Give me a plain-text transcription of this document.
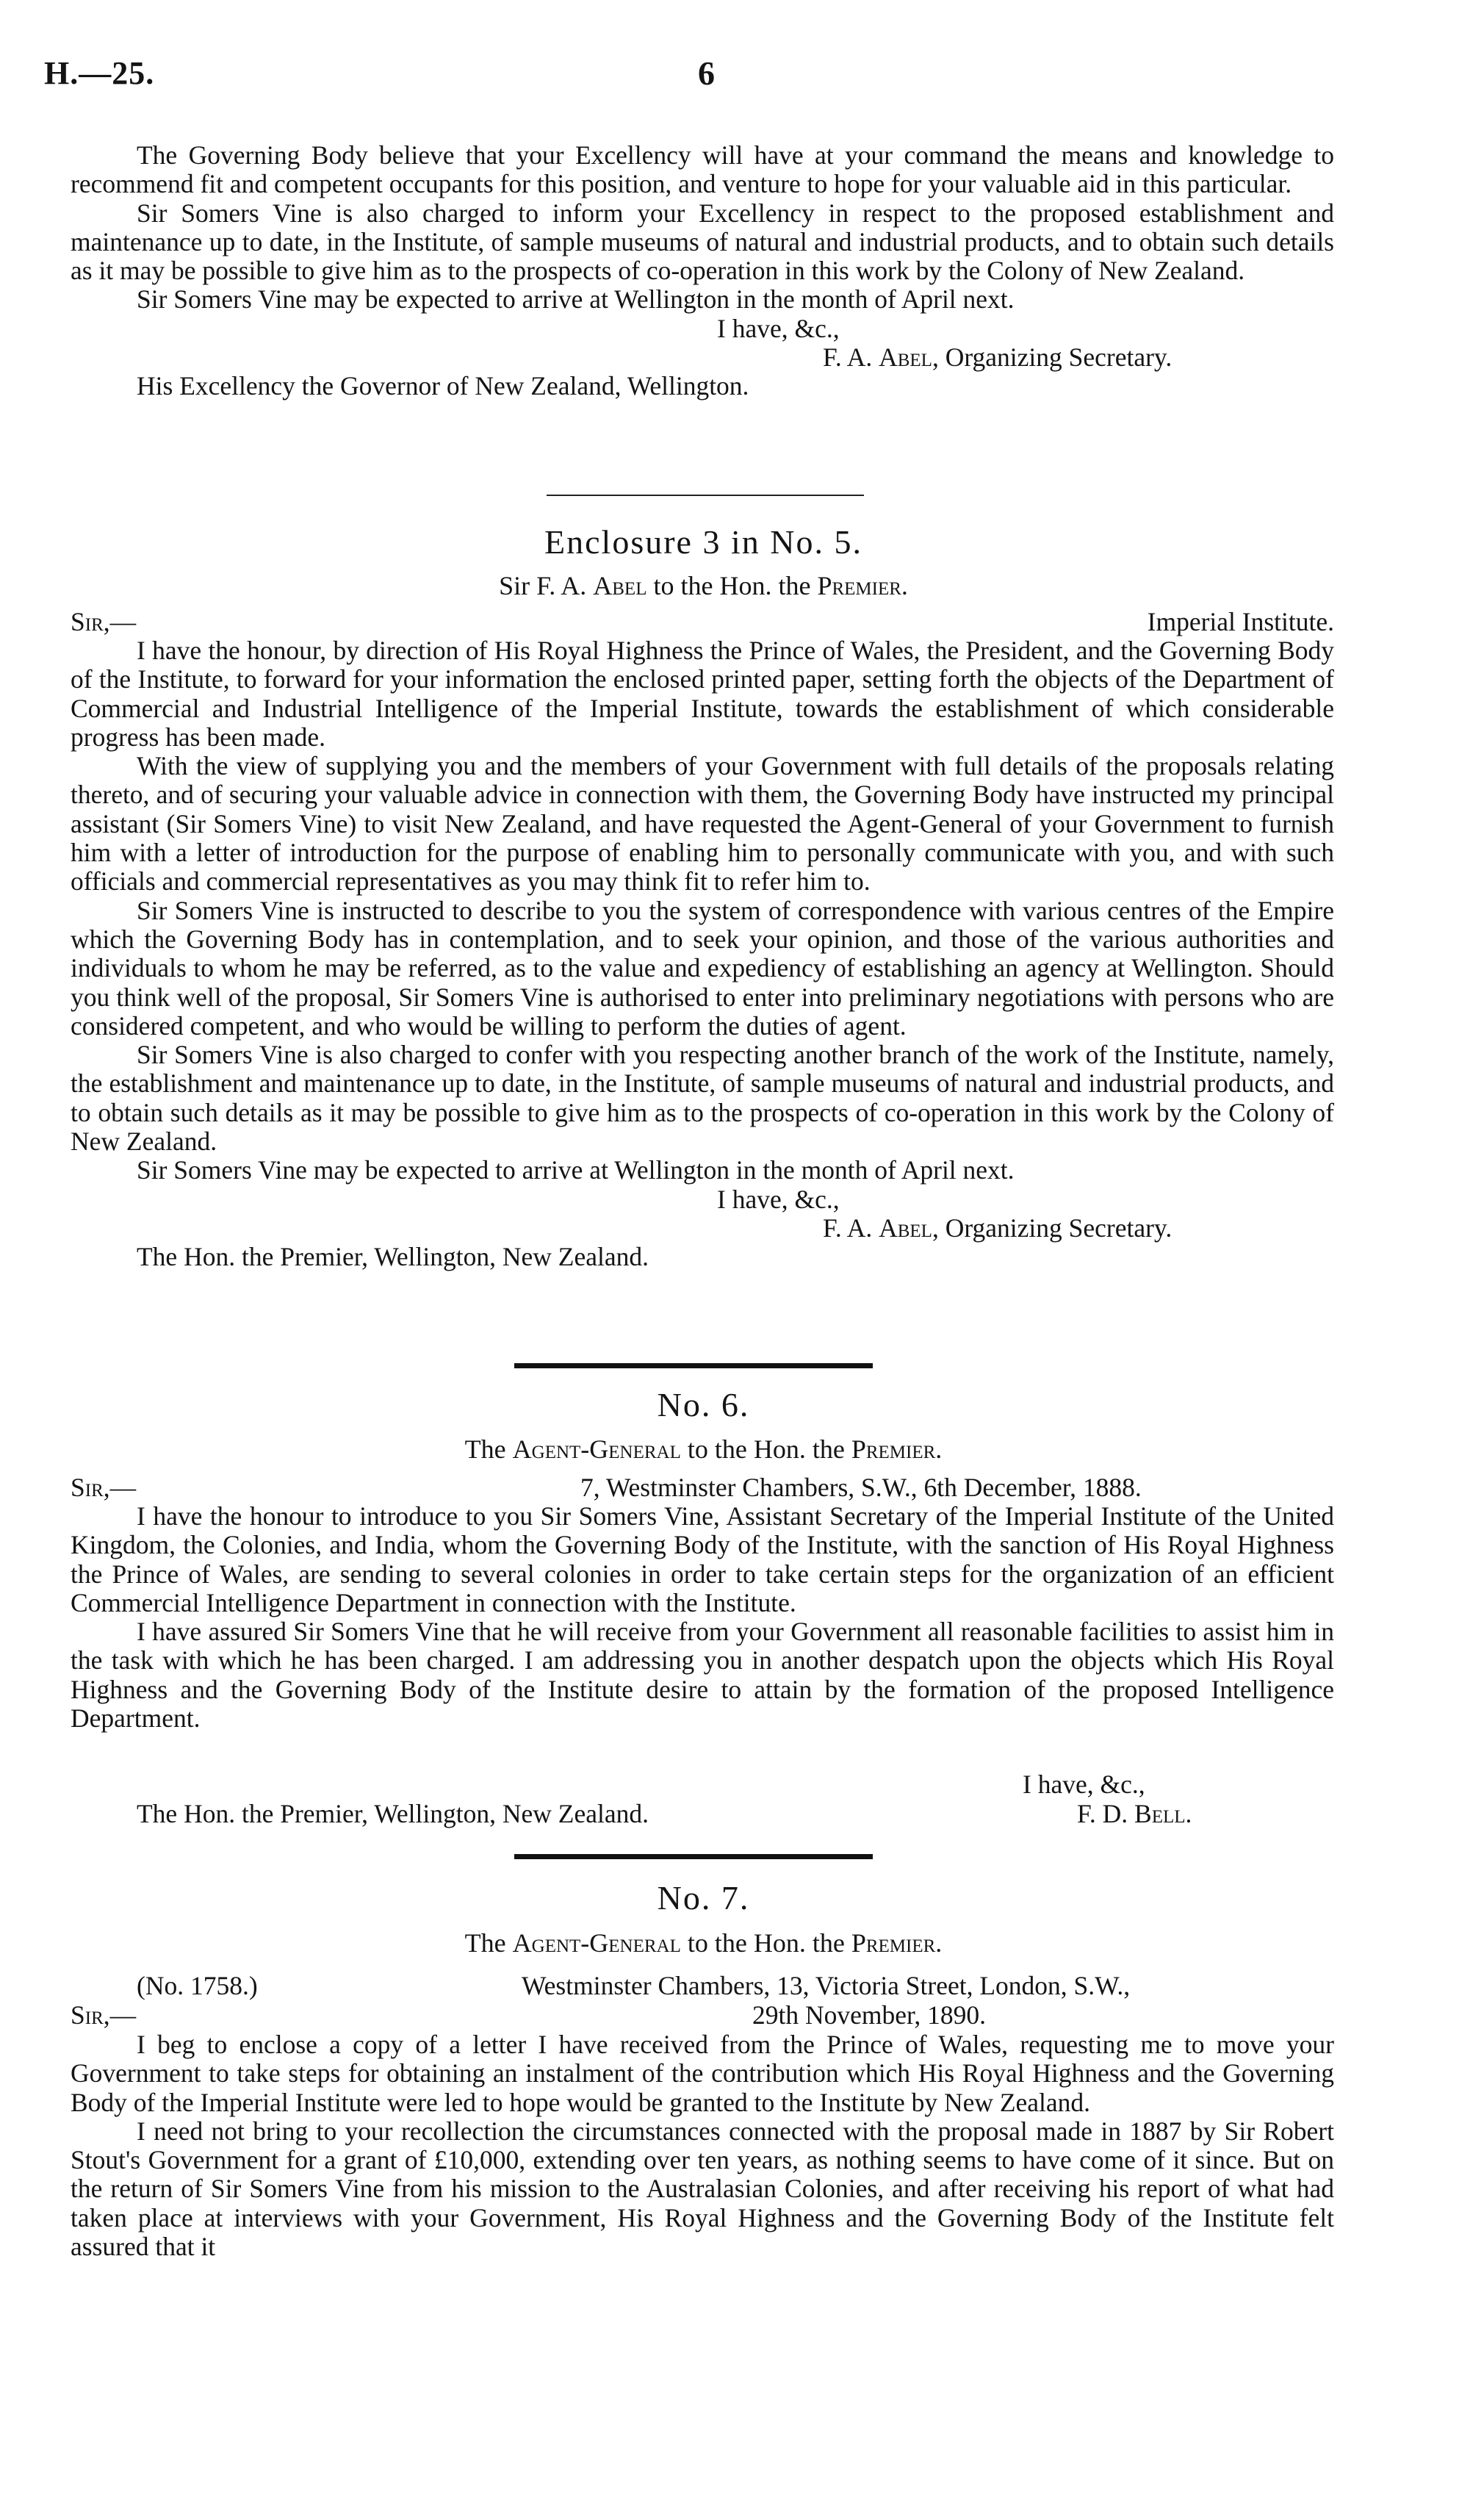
H.—25.	6

The Governing Body believe that your Excellency will have at your command the means and knowledge to recommend fit and competent occupants for this position, and venture to hope for your valuable aid in this particular.

Sir Somers Vine is also charged to inform your Excellency in respect to the proposed establishment and maintenance up to date, in the Institute, of sample museums of natural and industrial products, and to obtain such details as it may be possible to give him as to the prospects of co-operation in this work by the Colony of New Zealand.

Sir Somers Vine may be expected to arrive at Wellington in the month of April next.

I have, &c.,
F. A. Abel, Organizing Secretary.
His Excellency the Governor of New Zealand, Wellington.
Enclosure 3 in No. 5.
Sir F. A. Abel to the Hon. the Premier.
Sir,—	Imperial Institute.

I have the honour, by direction of His Royal Highness the Prince of Wales, the President, and the Governing Body of the Institute, to forward for your information the enclosed printed paper, setting forth the objects of the Department of Commercial and Industrial Intelligence of the Imperial Institute, towards the establishment of which considerable progress has been made.

With the view of supplying you and the members of your Government with full details of the proposals relating thereto, and of securing your valuable advice in connection with them, the Governing Body have instructed my principal assistant (Sir Somers Vine) to visit New Zealand, and have requested the Agent-General of your Government to furnish him with a letter of introduction for the purpose of enabling him to personally communicate with you, and with such officials and commercial representatives as you may think fit to refer him to.

Sir Somers Vine is instructed to describe to you the system of correspondence with various centres of the Empire which the Governing Body has in contemplation, and to seek your opinion, and those of the various authorities and individuals to whom he may be referred, as to the value and expediency of establishing an agency at Wellington. Should you think well of the proposal, Sir Somers Vine is authorised to enter into preliminary negotiations with persons who are considered competent, and who would be willing to perform the duties of agent.

Sir Somers Vine is also charged to confer with you respecting another branch of the work of the Institute, namely, the establishment and maintenance up to date, in the Institute, of sample museums of natural and industrial products, and to obtain such details as it may be possible to give him as to the prospects of co-operation in this work by the Colony of New Zealand.

Sir Somers Vine may be expected to arrive at Wellington in the month of April next.

I have, &c.,
F. A. Abel, Organizing Secretary.
The Hon. the Premier, Wellington, New Zealand.
No. 6.
The Agent-General to the Hon. the Premier.
Sir,—	7, Westminster Chambers, S.W., 6th December, 1888.

I have the honour to introduce to you Sir Somers Vine, Assistant Secretary of the Imperial Institute of the United Kingdom, the Colonies, and India, whom the Governing Body of the Institute, with the sanction of His Royal Highness the Prince of Wales, are sending to several colonies in order to take certain steps for the organization of an efficient Commercial Intelligence Department in connection with the Institute.

I have assured Sir Somers Vine that he will receive from your Government all reasonable facilities to assist him in the task with which he has been charged. I am addressing you in another despatch upon the objects which His Royal Highness and the Governing Body of the Institute desire to attain by the formation of the proposed Intelligence Department.

I have, &c.,
The Hon. the Premier, Wellington, New Zealand.	F. D. Bell.
No. 7.
The Agent-General to the Hon. the Premier.
(No. 1758.)	Westminster Chambers, 13, Victoria Street, London, S.W.,
Sir,—	29th November, 1890.

I beg to enclose a copy of a letter I have received from the Prince of Wales, requesting me to move your Government to take steps for obtaining an instalment of the contribution which His Royal Highness and the Governing Body of the Imperial Institute were led to hope would be granted to the Institute by New Zealand.

I need not bring to your recollection the circumstances connected with the proposal made in 1887 by Sir Robert Stout's Government for a grant of £10,000, extending over ten years, as nothing seems to have come of it since. But on the return of Sir Somers Vine from his mission to the Australasian Colonies, and after receiving his report of what had taken place at interviews with your Government, His Royal Highness and the Governing Body of the Institute felt assured that it
